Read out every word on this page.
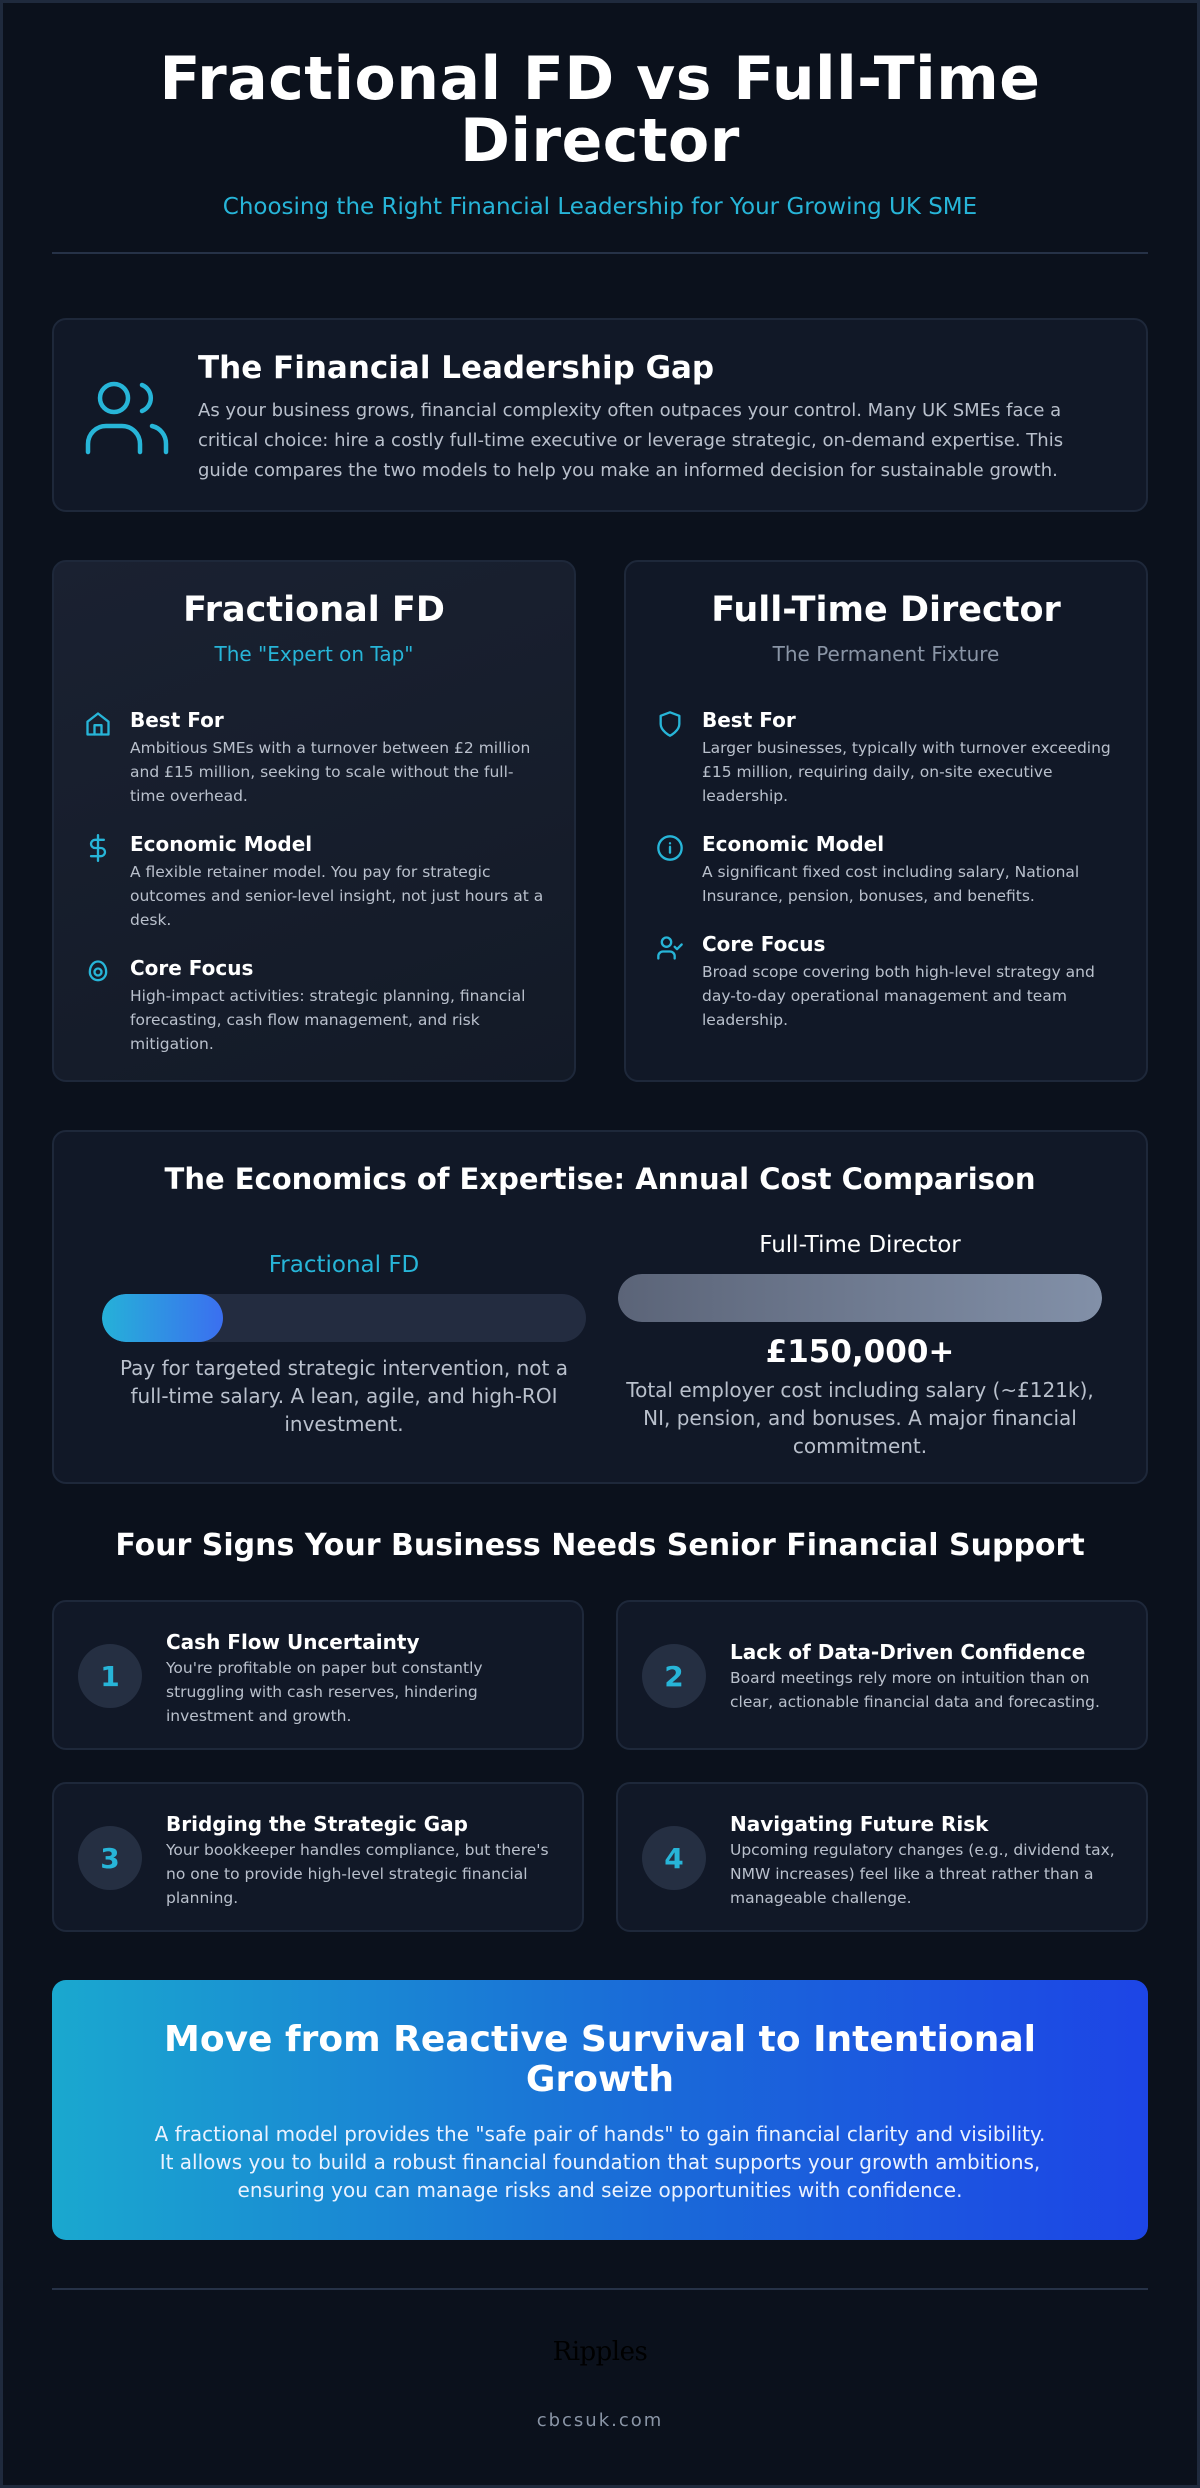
Fractional FD vs Full-Time Director
Choosing the Right Financial Leadership for Your Growing UK SME
The Financial Leadership Gap

As your business grows, financial complexity often outpaces your control. Many UK SMEs face a critical choice: hire a costly full-time executive or leverage strategic, on-demand expertise. This guide compares the two models to help you make an informed decision for sustainable growth.

Fractional FD
The "Expert on Tap"
Best For

Ambitious SMEs with a turnover between £2 million and £15 million, seeking to scale without the full-time overhead.

Economic Model

A flexible retainer model. You pay for strategic outcomes and senior-level insight, not just hours at a desk.

Core Focus

High-impact activities: strategic planning, financial forecasting, cash flow management, and risk mitigation.

Full-Time Director
The Permanent Fixture
Best For

Larger businesses, typically with turnover exceeding £15 million, requiring daily, on-site executive leadership.

Economic Model

A significant fixed cost including salary, National Insurance, pension, bonuses, and benefits.

Core Focus

Broad scope covering both high-level strategy and day-to-day operational management and team leadership.

The Economics of Expertise: Annual Cost Comparison
Fractional FD
Pay for targeted strategic intervention, not a full-time salary. A lean, agile, and high-ROI investment.
Full-Time Director
£150,000+
Total employer cost including salary (~£121k), NI, pension, and bonuses. A major financial commitment.
Four Signs Your Business Needs Senior Financial Support
1
Cash Flow Uncertainty

You're profitable on paper but constantly struggling with cash reserves, hindering investment and growth.

2
Lack of Data-Driven Confidence

Board meetings rely more on intuition than on clear, actionable financial data and forecasting.

3
Bridging the Strategic Gap

Your bookkeeper handles compliance, but there's no one to provide high-level strategic financial planning.

4
Navigating Future Risk

Upcoming regulatory changes (e.g., dividend tax, NMW increases) feel like a threat rather than a manageable challenge.

Move from Reactive Survival to Intentional Growth

A fractional model provides the "safe pair of hands" to gain financial clarity and visibility. It allows you to build a robust financial foundation that supports your growth ambitions, ensuring you can manage risks and seize opportunities with confidence.

Ripples
cbcsuk.com
